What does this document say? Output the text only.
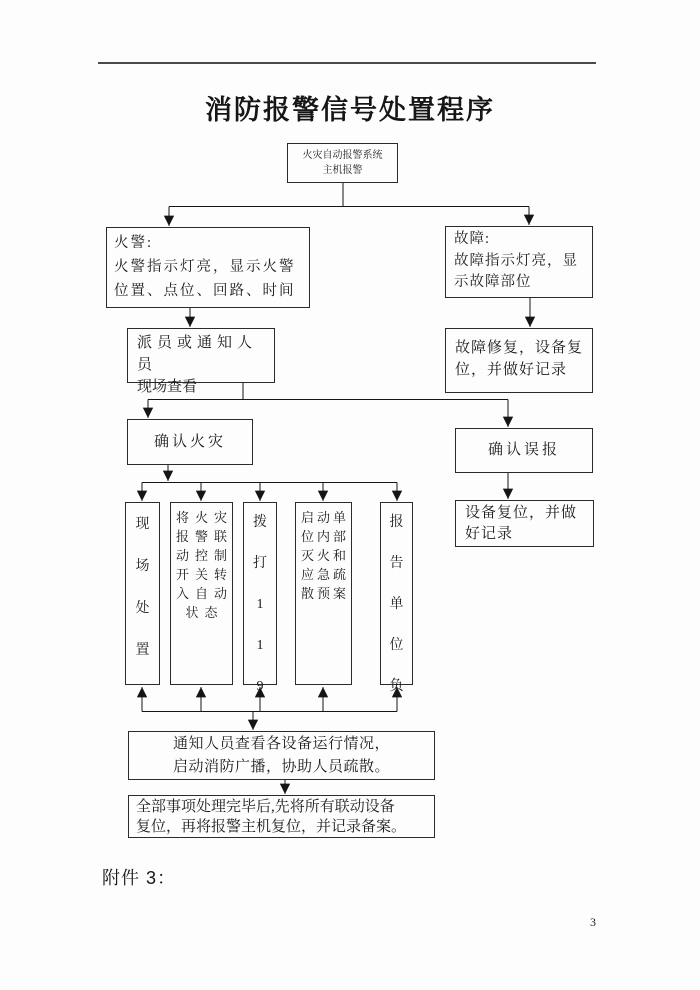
消防报警信号处置程序
火灾自动报警系统
主机报警
火警:
火警指示灯亮，显示火警
位置、点位、回路、时间
故障:
故障指示灯亮，显
示故障部位
派员或通知人员
现场查看
故障修复，设备复
位，并做好记录
确认火灾
确认误报
设备复位，并做
好记录
现
场
处
置
将火灾
报警联
动控制
开关转
入自动
状态
拨
打
1
1
9
启动单
位内部
灭火和
应急疏
散预案
报
告
单
位
负
通知人员查看各设备运行情况，
启动消防广播，协助人员疏散。
全部事项处理完毕后,先将所有联动设备
复位，再将报警主机复位，并记录备案。
附件 3：
3
